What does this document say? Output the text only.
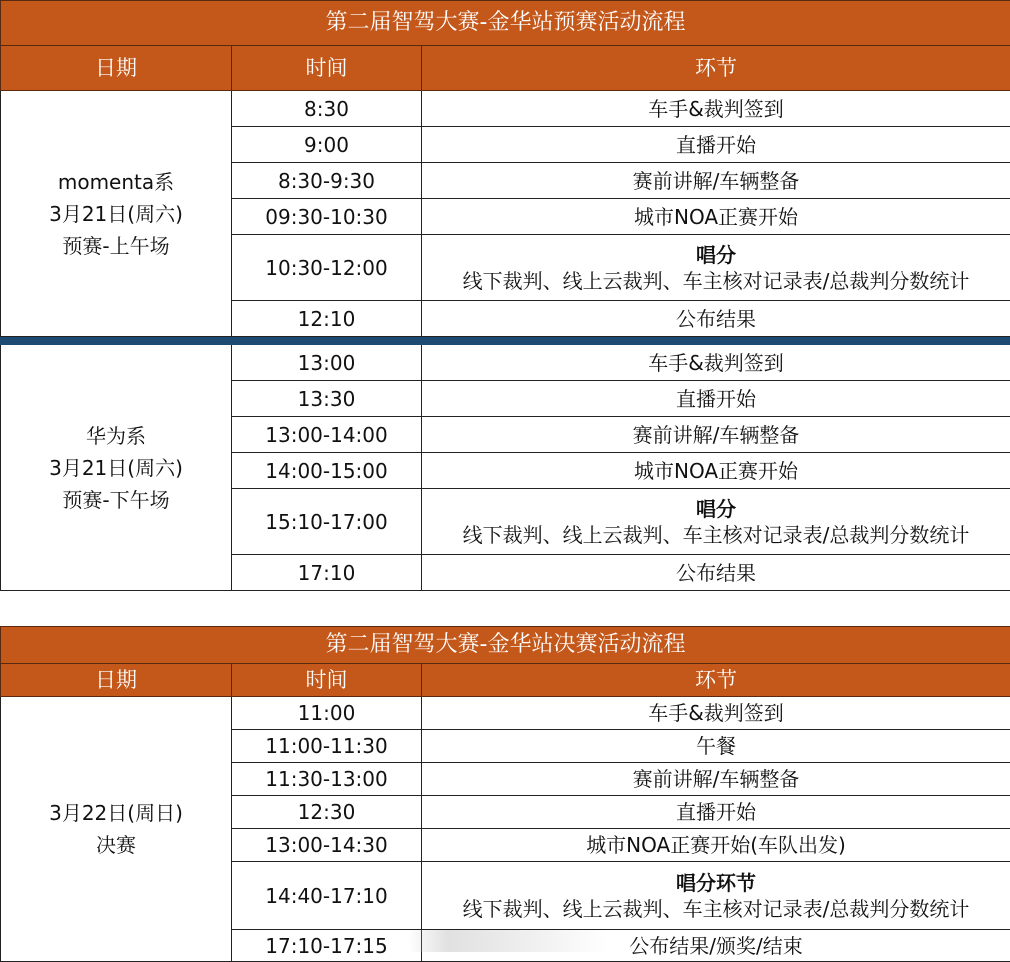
第二届智驾大赛-金华站预赛活动流程		
日期	时间	环节

momenta系
3月21日(周六)
预赛-上午场	8:30	车手&裁判签到
	9:00	直播开始
	8:30-9:30	赛前讲解/车辆整备
	09:30-10:30	城市NOA正赛开始
	10:30-12:00	唱分
线下裁判、线上云裁判、车主核对记录表/总裁判分数统计

	12:10	公布结果

华为系
3月21日(周六)
预赛-下午场	13:00	车手&裁判签到
	13:30	直播开始
	13:00-14:00	赛前讲解/车辆整备
	14:00-15:00	城市NOA正赛开始
	15:10-17:00	唱分
线下裁判、线上云裁判、车主核对记录表/总裁判分数统计

	17:10	公布结果
第二届智驾大赛-金华站决赛活动流程		
日期	时间	环节

3月22日(周日)
决赛	11:00	车手&裁判签到
	11:00-11:30	午餐
	11:30-13:00	赛前讲解/车辆整备
	12:30	直播开始
	13:00-14:30	城市NOA正赛开始(车队出发)
	14:40-17:10	唱分环节
线下裁判、线上云裁判、车主核对记录表/总裁判分数统计

	17:10-17:15	公布结果/颁奖/结束
